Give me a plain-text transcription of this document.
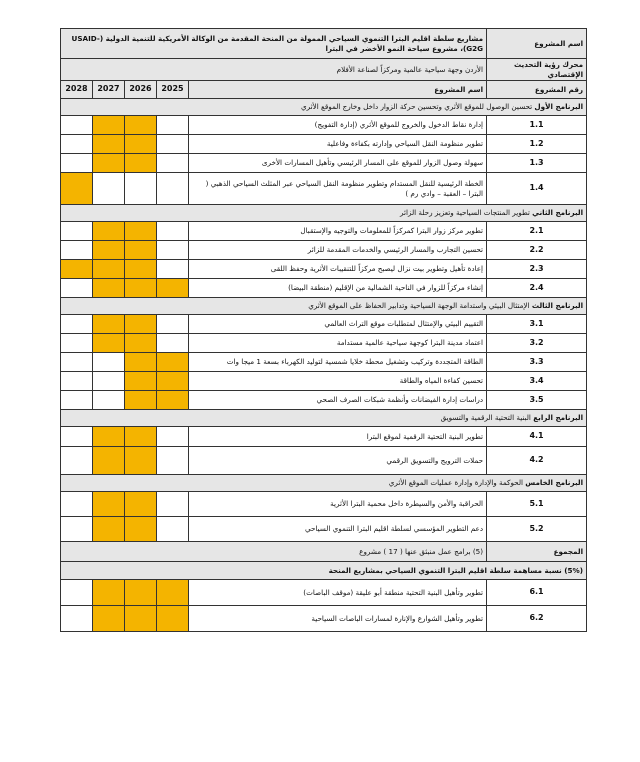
مشاريع سلطة اقليم البترا التنموي السياحي الممولة من المنحة المقدمة من الوكالة الأمريكية للتنمية الدولية (USAID- G2G)، مشروع سياحة النمو الأخضر في البترا					اسم المشروع
الأردن وجهة سياحية عالمية ومركزاً لصناعة الأفلام					محرك رؤية التحديث الإقتصادي
2028	2027	2026	2025	اسم المشروع	رقم المشروع
البرنامج الأول تحسين الوصول للموقع الأثري وتحسين حركة الزوار داخل وخارج الموقع الأثري					
				إدارة نقاط الدخول والخروج للموقع الأثري (إدارة التفويج)	1.1
				تطوير منظومة النقل السياحي وإدارته بكفاءة وفاعلية	1.2
				سهولة وصول الزوار للموقع على المسار الرئيسي وتأهيل المسارات الأخرى	1.3
				الخطة الرئيسية للنقل المستدام وتطوير منظومة النقل السياحي عبر المثلث السياحي الذهبي ( البترا – العقبة – وادي رم )	1.4
البرنامج الثاني تطوير المنتجات السياحية وتعزيز رحلة الزائر					
				تطوير مركز زوار البترا كمركزاً للمعلومات والتوجيه والإستقبال	2.1
				تحسين التجارب والمسار الرئيسي والخدمات المقدمة للزائر	2.2
				إعادة تأهيل وتطوير بيت نزال ليصبح مركزاً للتنقيبات الأثرية وحفظ اللقى	2.3
				إنشاء مركزاً للزوار في الناحية الشمالية من الإقليم (منطقة البيضا)	2.4
البرنامج الثالث الإمتثال البيئي واستدامة الوجهة السياحية وتدابير الحفاظ على الموقع الأثري					
				التقييم البيئي والإمتثال لمتطلبات موقع التراث العالمي	3.1
				اعتماد مدينة البترا كوجهة سياحية عالمية مستدامة	3.2
				الطاقة المتجددة وتركيب وتشغيل محطة خلايا شمسية لتوليد الكهرباء بسعة 1 ميجا وات	3.3
				تحسين كفاءة المياه والطاقة	3.4
				دراسات إدارة الفيضانات وأنظمة شبكات الصرف الصحي	3.5
البرنامج الرابع البنية التحتية الرقمية والتسويق					
				تطوير البنية التحتية الرقمية لموقع البترا	4.1
				حملات الترويج والتسويق الرقمي	4.2
البرنامج الخامس الحوكمة والإدارة وإدارة عمليات الموقع الأثري					
				الحراقبة والأمن والسيطرة داخل محمية البترا الأثرية	5.1
				دعم التطوير المؤسسي لسلطة اقليم البترا التنموي السياحي	5.2
(5) برامج عمل منبثق عنها ( 17 ) مشروع					المجموع
(5%) نسبة مساهمة سلطة اقليم البترا التنموي السياحي بمشاريع المنحة					
				تطوير وتأهيل البنية التحتية منطقة أبو عليقة (موقف الباصات)	6.1
				تطوير وتأهيل الشوارع والإنارة لمسارات الباصات السياحية	6.2
